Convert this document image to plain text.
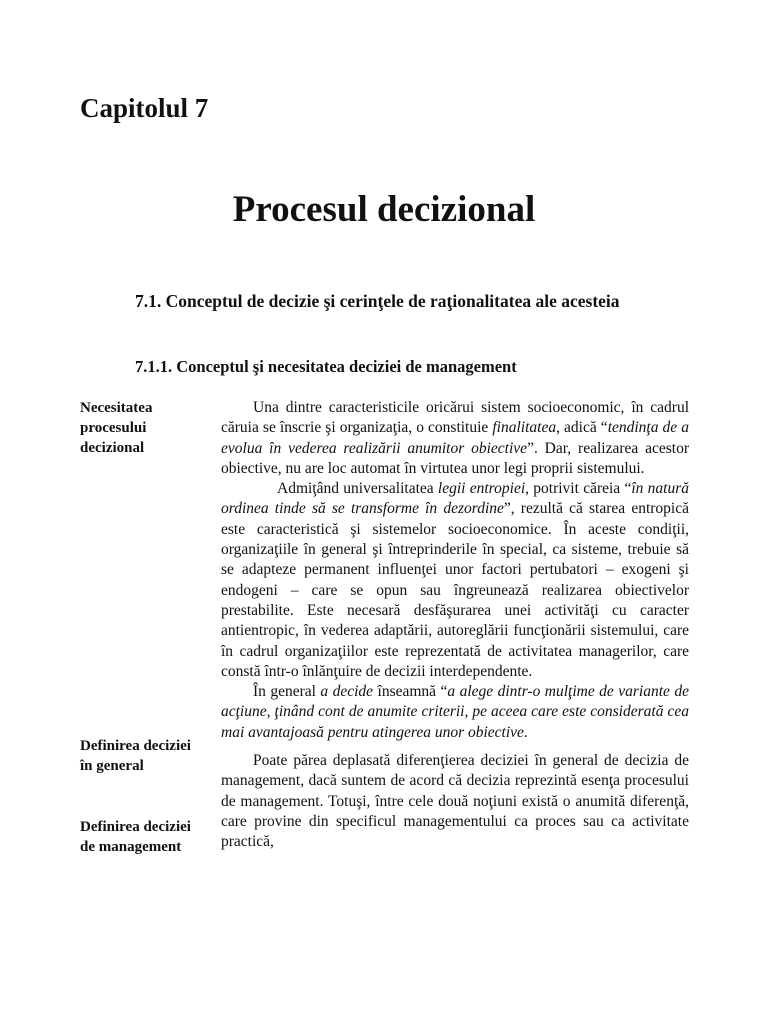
Capitolul 7
Procesul decizional
7.1. Conceptul de decizie şi cerinţele de raţionalitatea ale acesteia
7.1.1. Conceptul şi necesitatea deciziei de management
Necesitatea procesului decizional
Definirea deciziei în general
Definirea deciziei de management

Una dintre caracteristicile oricărui sistem socioeconomic, în cadrul căruia se înscrie şi organizaţia, o constituie finalitatea, adică “tendinţa de a evolua în vederea realizării anumitor obiective”. Dar, realizarea acestor obiective, nu are loc automat în virtutea unor legi proprii sistemului.

Admiţând universalitatea legii entropiei, potrivit căreia “în natură ordinea tinde să se transforme în dezordine”, rezultă că starea entropică este caracteristică şi sistemelor socioeconomice. În aceste condiţii, organizaţiile în general şi întreprinderile în special, ca sisteme, trebuie să se adapteze permanent influenţei unor factori pertubatori – exogeni şi endogeni – care se opun sau îngreunează realizarea obiectivelor prestabilite. Este necesară desfăşurarea unei activităţi cu caracter antientropic, în vederea adaptării, autoreglării funcţionării sistemului, care în cadrul organizaţiilor este reprezentată de activitatea managerilor, care constă într-o înlănţuire de decizii interdependente.

În general a decide înseamnă “a alege dintr-o mulţime de variante de acţiune, ţinând cont de anumite criterii, pe aceea care este considerată cea mai avantajoasă pentru atingerea unor obiective.

Poate părea deplasată diferenţierea deciziei în general de decizia de management, dacă suntem de acord că decizia reprezintă esenţa procesului de management. Totuşi, între cele două noţiuni există o anumită diferenţă, care provine din specificul managementului ca proces sau ca activitate practică,
